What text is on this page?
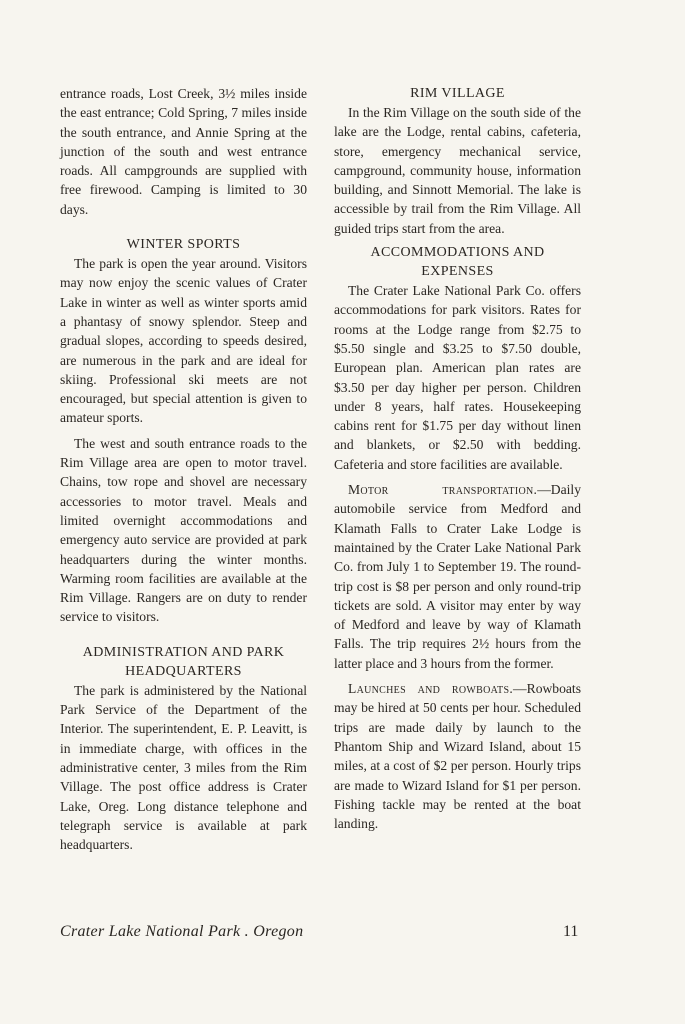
entrance roads, Lost Creek, 3½ miles inside the east entrance; Cold Spring, 7 miles inside the south entrance, and Annie Spring at the junction of the south and west entrance roads. All campgrounds are supplied with free firewood. Camping is limited to 30 days.

WINTER SPORTS

The park is open the year around. Visitors may now enjoy the scenic values of Crater Lake in winter as well as winter sports amid a phantasy of snowy splendor. Steep and gradual slopes, according to speeds desired, are numerous in the park and are ideal for skiing. Professional ski meets are not encouraged, but special attention is given to amateur sports.

The west and south entrance roads to the Rim Village area are open to motor travel. Chains, tow rope and shovel are necessary accessories to motor travel. Meals and limited overnight accommodations and emergency auto service are provided at park headquarters during the winter months. Warming room facilities are available at the Rim Village. Rangers are on duty to render service to visitors.

ADMINISTRATION AND PARK
HEADQUARTERS

The park is administered by the National Park Service of the Department of the Interior. The superintendent, E. P. Leavitt, is in immediate charge, with offices in the administrative center, 3 miles from the Rim Village. The post office address is Crater Lake, Oreg. Long distance telephone and telegraph service is available at park headquarters.

RIM VILLAGE

In the Rim Village on the south side of the lake are the Lodge, rental cabins, cafeteria, store, emergency mechanical service, campground, community house, information building, and Sinnott Memorial. The lake is accessible by trail from the Rim Village. All guided trips start from the area.

ACCOMMODATIONS AND
EXPENSES

The Crater Lake National Park Co. offers accommodations for park visitors. Rates for rooms at the Lodge range from $2.75 to $5.50 single and $3.25 to $7.50 double, European plan. American plan rates are $3.50 per day higher per person. Children under 8 years, half rates. Housekeeping cabins rent for $1.75 per day without linen and blankets, or $2.50 with bedding. Cafeteria and store facilities are available.

Motor transportation.—Daily automobile service from Medford and Klamath Falls to Crater Lake Lodge is maintained by the Crater Lake National Park Co. from July 1 to September 19. The round-trip cost is $8 per person and only round-trip tickets are sold. A visitor may enter by way of Medford and leave by way of Klamath Falls. The trip requires 2½ hours from the latter place and 3 hours from the former.

Launches and rowboats.—Rowboats may be hired at 50 cents per hour. Scheduled trips are made daily by launch to the Phantom Ship and Wizard Island, about 15 miles, at a cost of $2 per person. Hourly trips are made to Wizard Island for $1 per person. Fishing tackle may be rented at the boat landing.

Crater Lake National Park . Oregon	11
